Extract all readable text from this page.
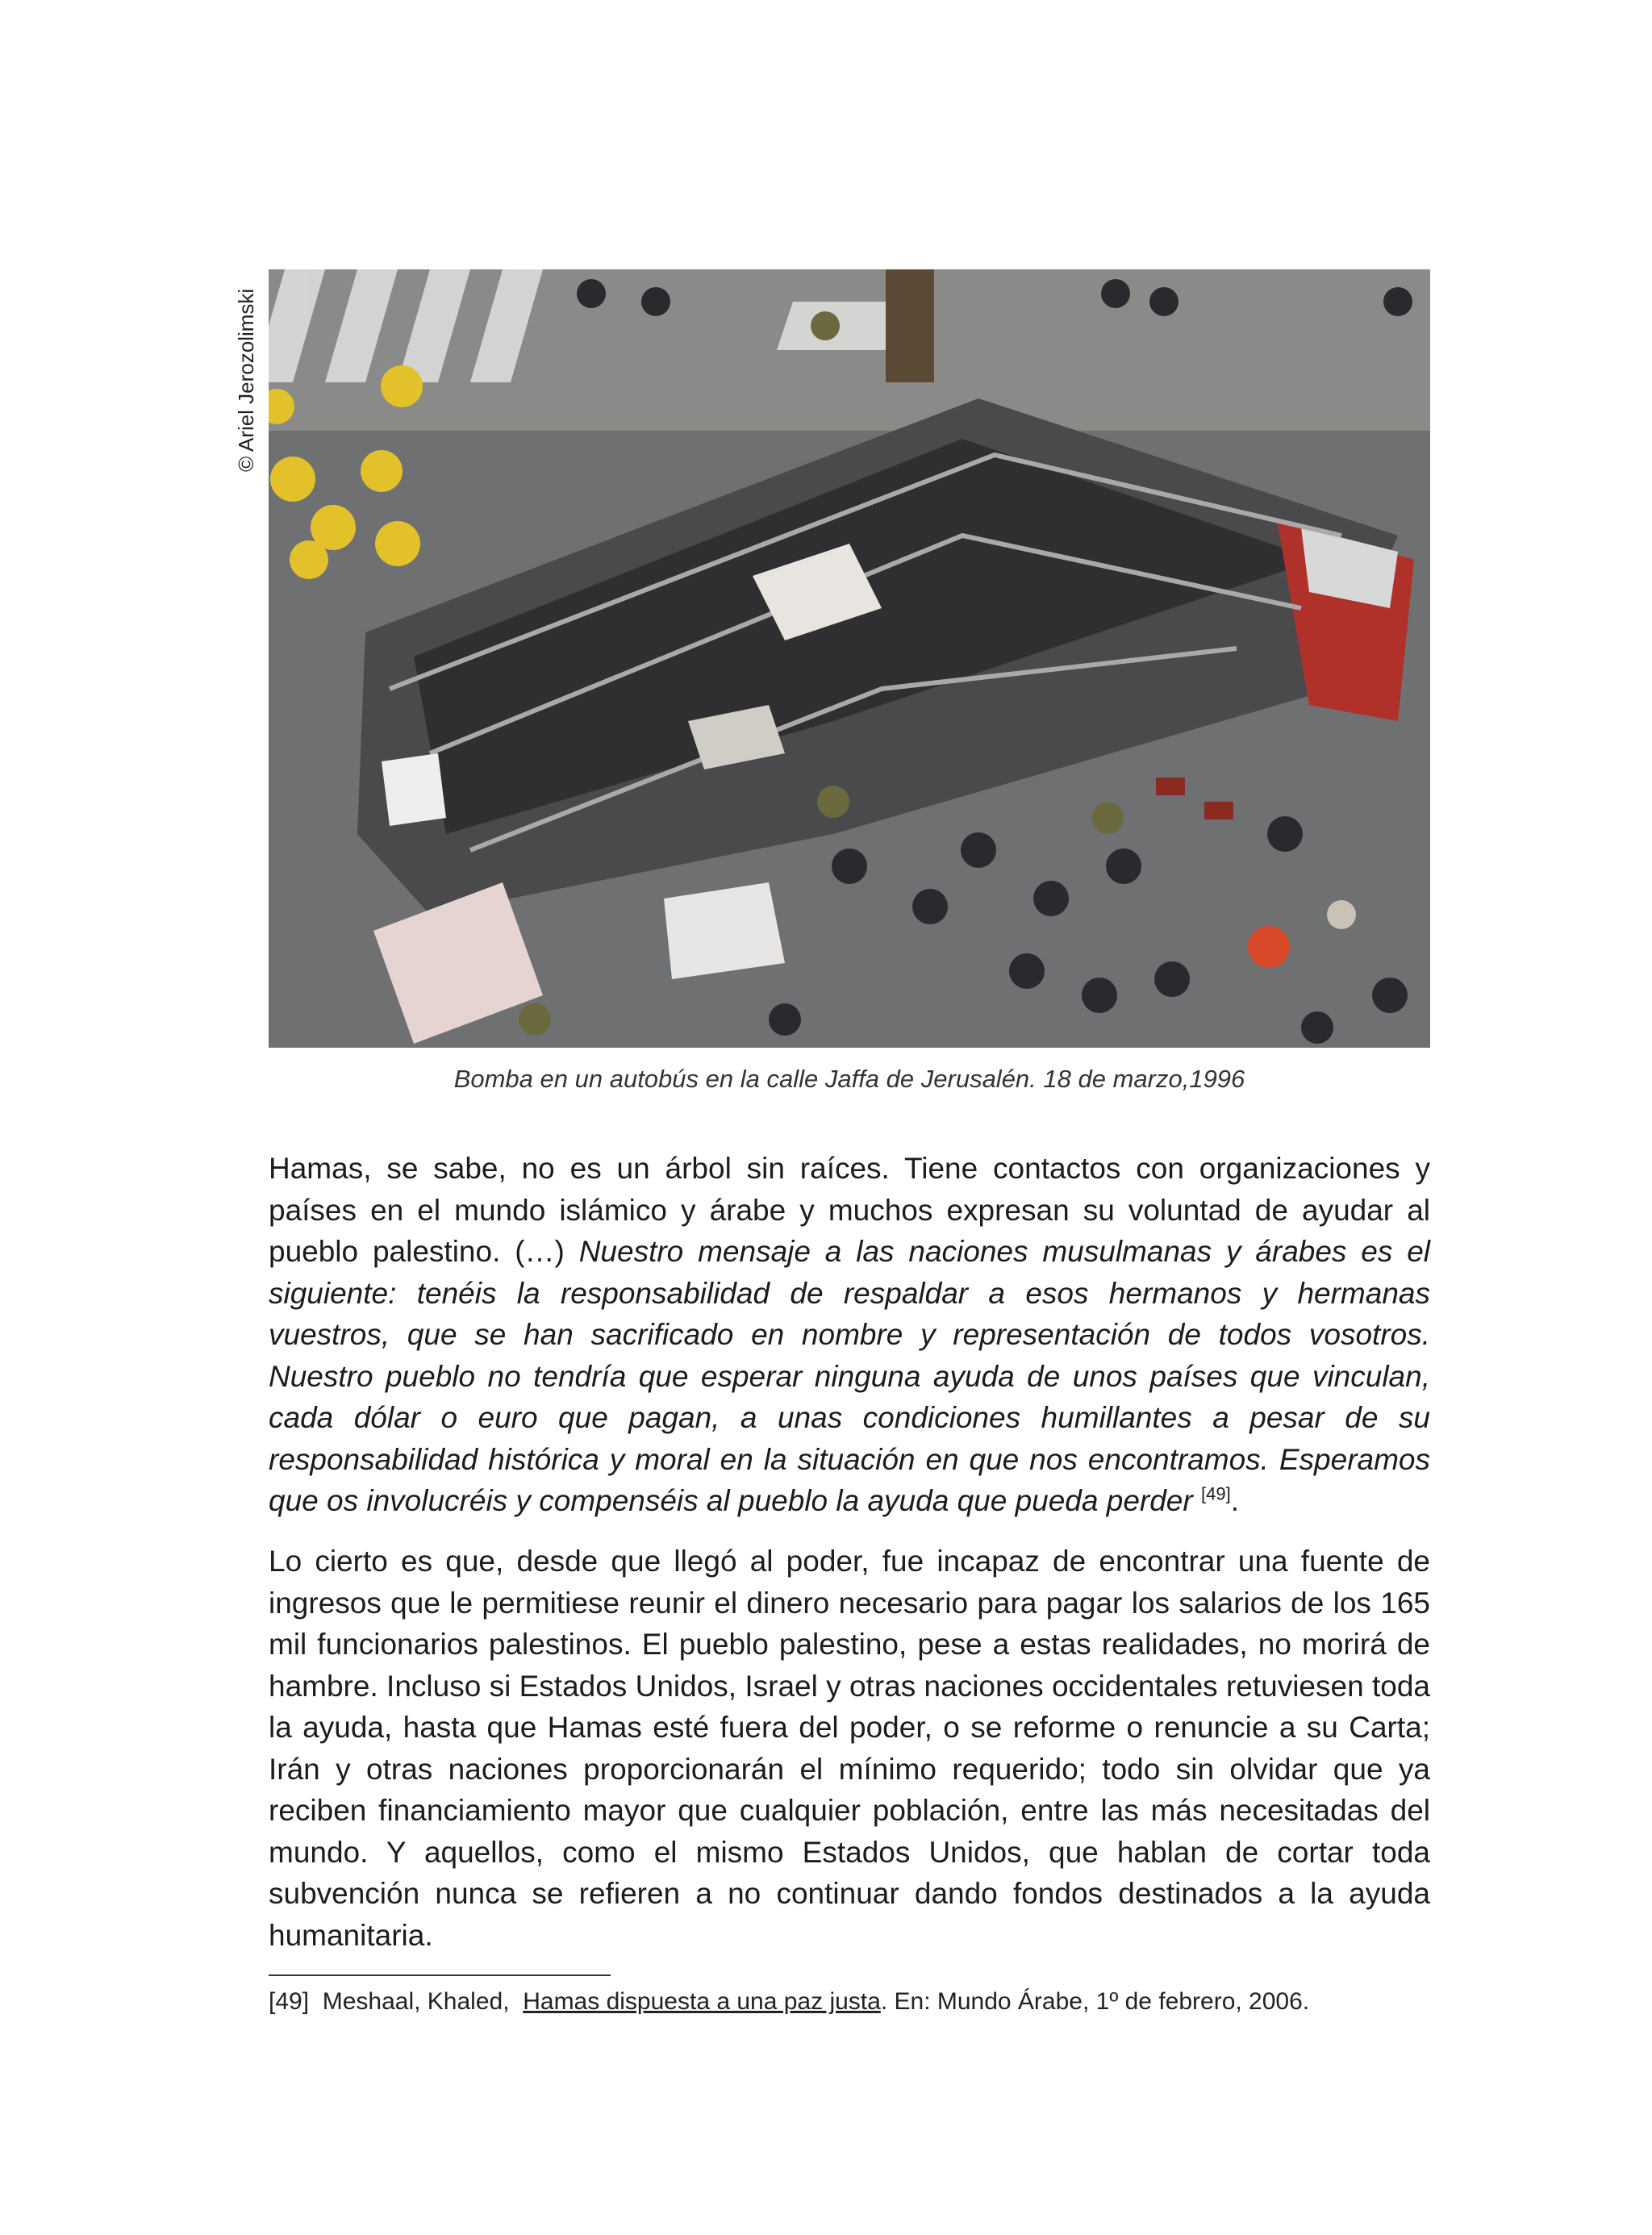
© Ariel Jerozolimski
Bomba en un autobús en la calle Jaffa de Jerusalén. 18 de marzo,1996
Hamas, se sabe, no es un árbol sin raíces. Tiene contactos con organizaciones y países en el mundo islámico y árabe y muchos expresan su voluntad de ayudar al pueblo palestino. (…) Nuestro mensaje a las naciones musulmanas y árabes es el siguiente: tenéis la responsabilidad de respaldar a esos hermanos y hermanas vuestros, que se han sacrificado en nombre y representación de todos vosotros. Nuestro pueblo no tendría que esperar ninguna ayuda de unos países que vinculan, cada dólar o euro que pagan, a unas condiciones humillantes a pesar de su responsabilidad histórica y moral en la situación en que nos encontramos. Esperamos que os involucréis y compenséis al pueblo la ayuda que pueda perder [49].
Lo cierto es que, desde que llegó al poder, fue incapaz de encontrar una fuente de ingresos que le permitiese reunir el dinero necesario para pagar los salarios de los 165 mil funcionarios palestinos. El pueblo palestino, pese a estas realidades, no morirá de hambre. Incluso si Estados Unidos, Israel y otras naciones occidentales retuviesen toda la ayuda, hasta que Hamas esté fuera del poder, o se reforme o renuncie a su Carta; Irán y otras naciones proporcionarán el mínimo requerido; todo sin olvidar que ya reciben financiamiento mayor que cualquier población, entre las más necesitadas del mundo. Y aquellos, como el mismo Estados Unidos, que hablan de cortar toda subvención nunca se refieren a no continuar dando fondos destinados a la ayuda humanitaria.
[49] Meshaal, Khaled,  Hamas dispuesta a una paz justa. En: Mundo Árabe, 1º de febrero, 2006.
